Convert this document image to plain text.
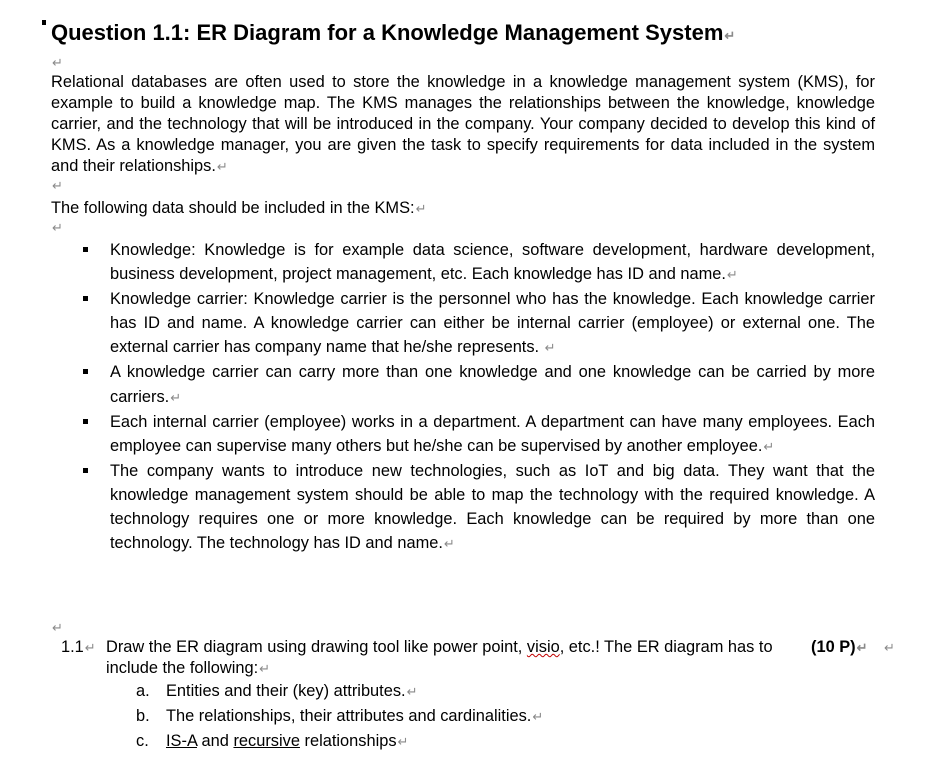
Question 1.1: ER Diagram for a Knowledge Management System↵
↵

Relational databases are often used to store the knowledge in a knowledge management system (KMS), for example to build a knowledge map. The KMS manages the relationships between the knowledge, knowledge carrier, and the technology that will be introduced in the company. Your company decided to develop this kind of KMS. As a knowledge manager, you are given the task to specify requirements for data included in the system and their relationships.↵

↵

The following data should be included in the KMS:↵

↵
Knowledge: Knowledge is for example data science, software development, hardware development, business development, project management, etc. Each knowledge has ID and name.↵
Knowledge carrier: Knowledge carrier is the personnel who has the knowledge. Each knowledge carrier has ID and name. A knowledge carrier can either be internal carrier (employee) or external one. The external carrier has company name that he/she represents. ↵
A knowledge carrier can carry more than one knowledge and one knowledge can be carried by more carriers.↵
Each internal carrier (employee) works in a department. A department can have many employees. Each employee can supervise many others but he/she can be supervised by another employee.↵
The company wants to introduce new technologies, such as IoT and big data. They want that the knowledge management system should be able to map the technology with the required knowledge. A technology requires one or more knowledge. Each knowledge can be required by more than one technology. The technology has ID and name.↵
↵
1.1↵ Draw the ER diagram using drawing tool like power point, visio, etc.! The ER diagram has to include the following:↵
(10 P)↵ ↵
a. Entities and their (key) attributes.↵
b. The relationships, their attributes and cardinalities.↵
c. IS-A and recursive relationships↵
